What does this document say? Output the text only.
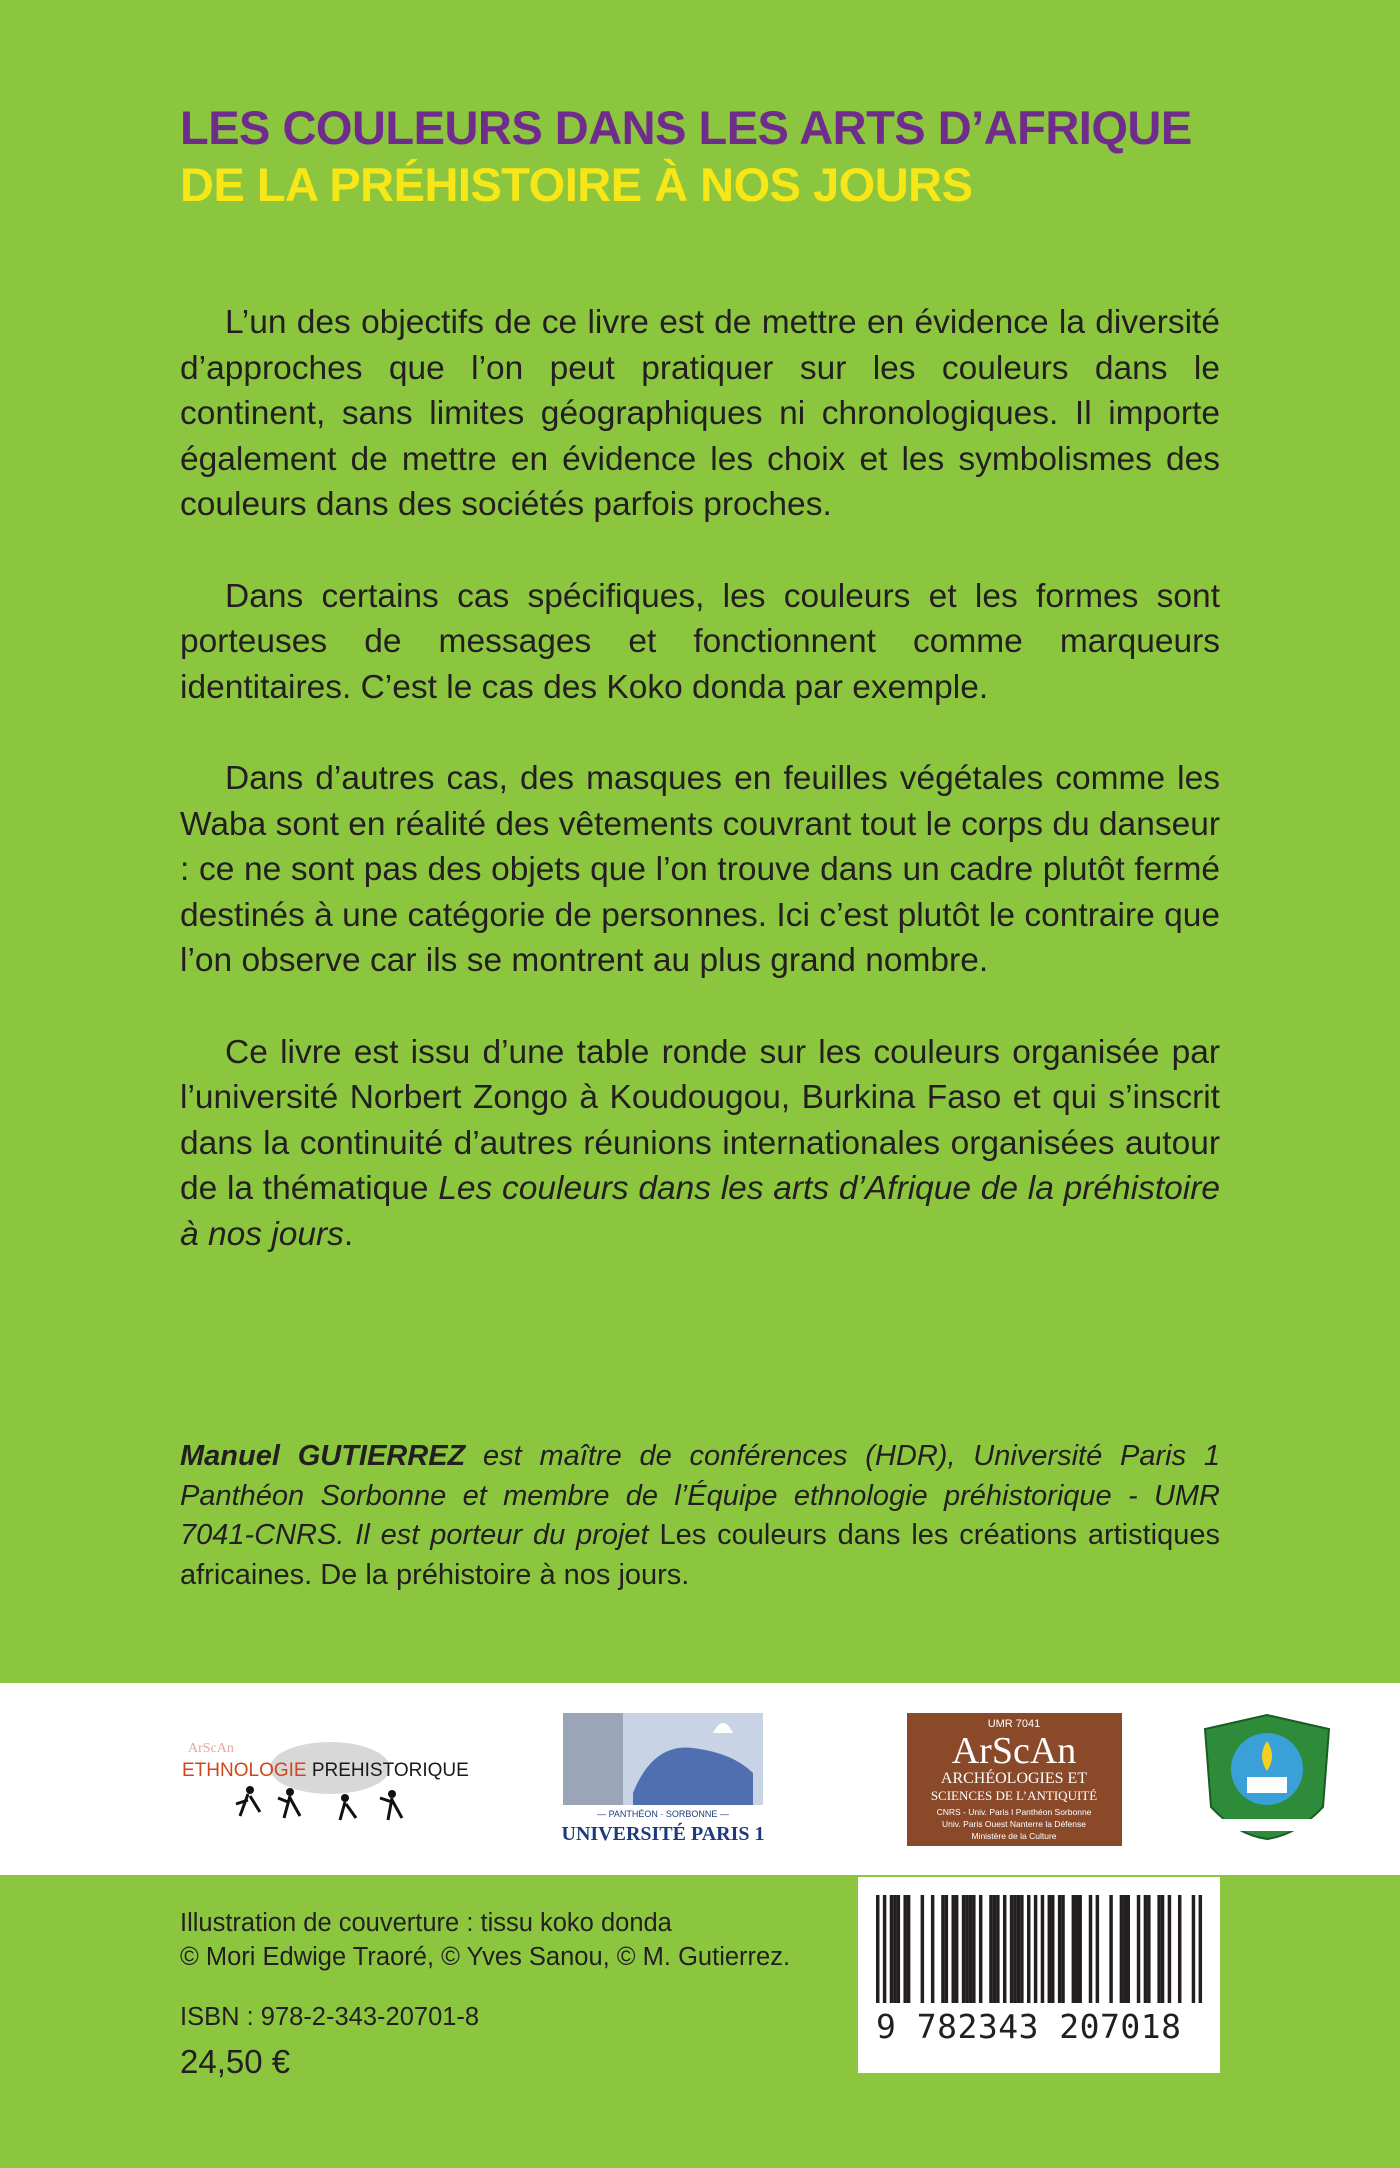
LES COULEURS DANS LES ARTS D’AFRIQUE
DE LA PRÉHISTOIRE À NOS JOURS

L’un des objectifs de ce livre est de mettre en évidence la diversité d’approches que l’on peut pratiquer sur les couleurs dans le continent, sans limites géographiques ni chronologiques. Il importe également de mettre en évidence les choix et les symbolismes des couleurs dans des sociétés parfois proches.

Dans certains cas spécifiques, les couleurs et les formes sont porteuses de messages et fonctionnent comme marqueurs identitaires. C’est le cas des Koko donda par exemple.

Dans d’autres cas, des masques en feuilles végétales comme les Waba sont en réalité des vêtements couvrant tout le corps du danseur : ce ne sont pas des objets que l’on trouve dans un cadre plutôt fermé destinés à une catégorie de personnes. Ici c’est plutôt le contraire que l’on observe car ils se montrent au plus grand nombre.

Ce livre est issu d’une table ronde sur les couleurs organisée par l’université Norbert Zongo à Koudougou, Burkina Faso et qui s’inscrit dans la continuité d’autres réunions internationales organisées autour de la thématique Les couleurs dans les arts d’Afrique de la préhistoire à nos jours.

Manuel GUTIERREZ est maître de conférences (HDR), Université Paris 1 Panthéon Sorbonne et membre de l’Équipe ethnologie préhistorique - UMR 7041-CNRS. Il est porteur du projet Les couleurs dans les créations artistiques africaines. De la préhistoire à nos jours.

ArScAn
ETHNOLOGIE PREHISTORIQUE
— PANTHÉON · SORBONNE —
UNIVERSITÉ PARIS 1
UMR 7041
ArScAn
ARCHÉOLOGIES ET
SCIENCES DE L’ANTIQUITÉ
CNRS - Univ. Paris I Panthéon Sorbonne
Univ. Paris Ouest Nanterre la Défense
Ministère de la Culture
Illustration de couverture : tissu koko donda
© Mori Edwige Traoré, © Yves Sanou, © M. Gutierrez.
ISBN : 978-2-343-20701-8
24,50 €
9 782343 207018
